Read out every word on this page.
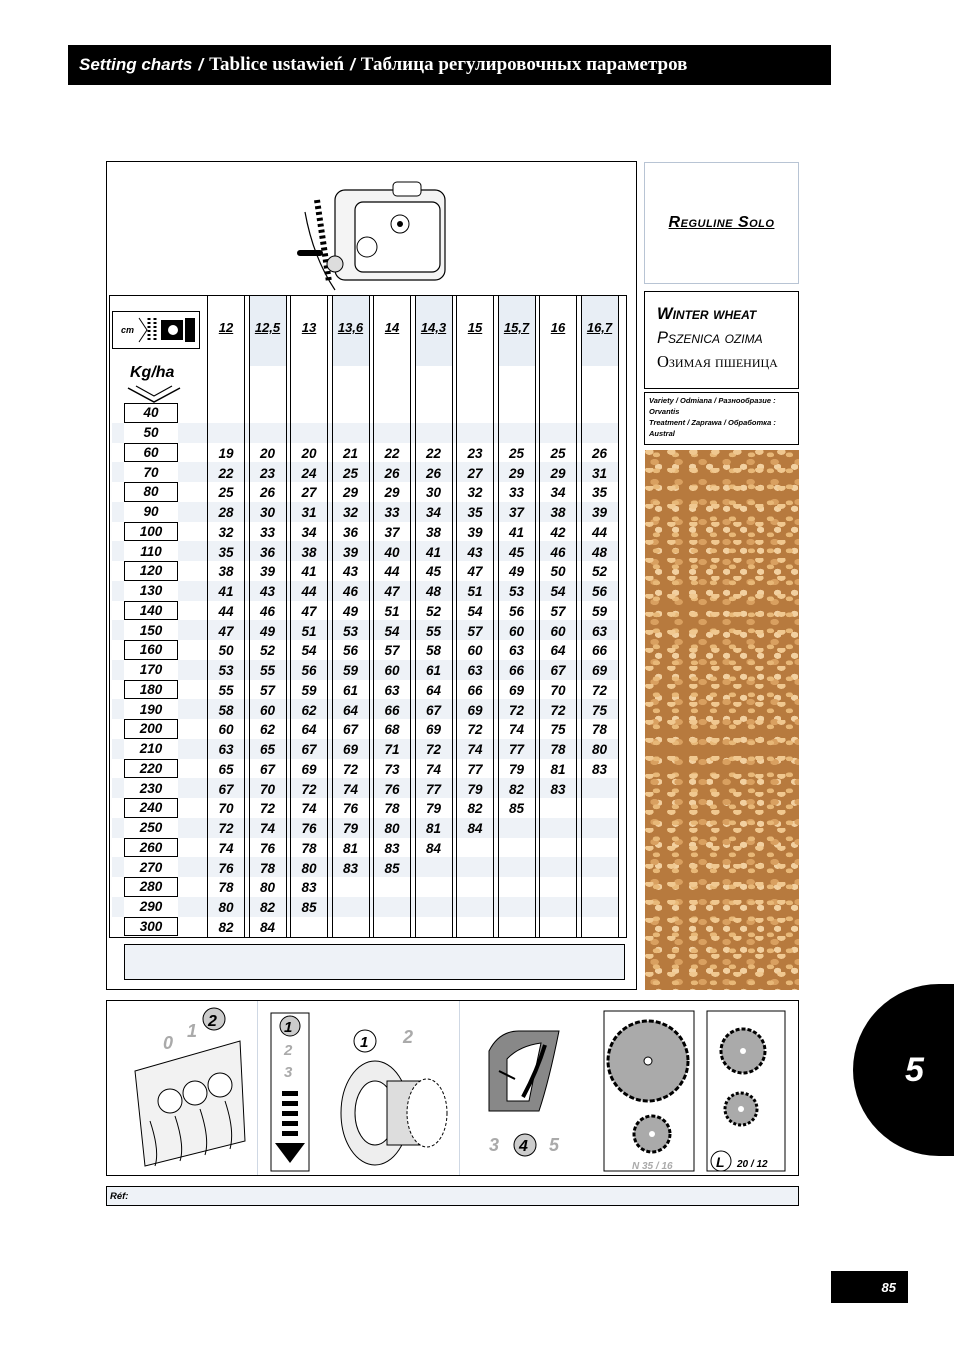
Setting charts / Tablice ustawień / Таблица регулировочных параметров
cm
Kg/ha
40
50
60
70
80
90
100
110
120
130
140
150
160
170
180
190
200
210
220
230
240
250
260
270
280
290
300
12
19
22
25
28
32
35
38
41
44
47
50
53
55
58
60
63
65
67
70
72
74
76
78
80
82
12,5
20
23
26
30
33
36
39
43
46
49
52
55
57
60
62
65
67
70
72
74
76
78
80
82
84
13
20
24
27
31
34
38
41
44
47
51
54
56
59
62
64
67
69
72
74
76
78
80
83
85
13,6
21
25
29
32
36
39
43
46
49
53
56
59
61
64
67
69
72
74
76
79
81
83
14
22
26
29
33
37
40
44
47
51
54
57
60
63
66
68
71
73
76
78
80
83
85
14,3
22
26
30
34
38
41
45
48
52
55
58
61
64
67
69
72
74
77
79
81
84
15
23
27
32
35
39
43
47
51
54
57
60
63
66
69
72
74
77
79
82
84
15,7
25
29
33
37
41
45
49
53
56
60
63
66
69
72
74
77
79
82
85
16
25
29
34
38
42
46
50
54
57
60
64
67
70
72
75
78
81
83
16,7
26
31
35
39
44
48
52
56
59
63
66
69
72
75
78
80
83
Reguline Solo
Winter wheat
Pszenica ozima
Озимая пшеница
Variety / Odmiana / Разнообразие :
Orvantis
Treatment / Zaprawa / Обработка :
Austral
0
1 2	1
2
3
1 2
3 4 5
N 35 / 16	L 20 / 12
Réf:
5
85
